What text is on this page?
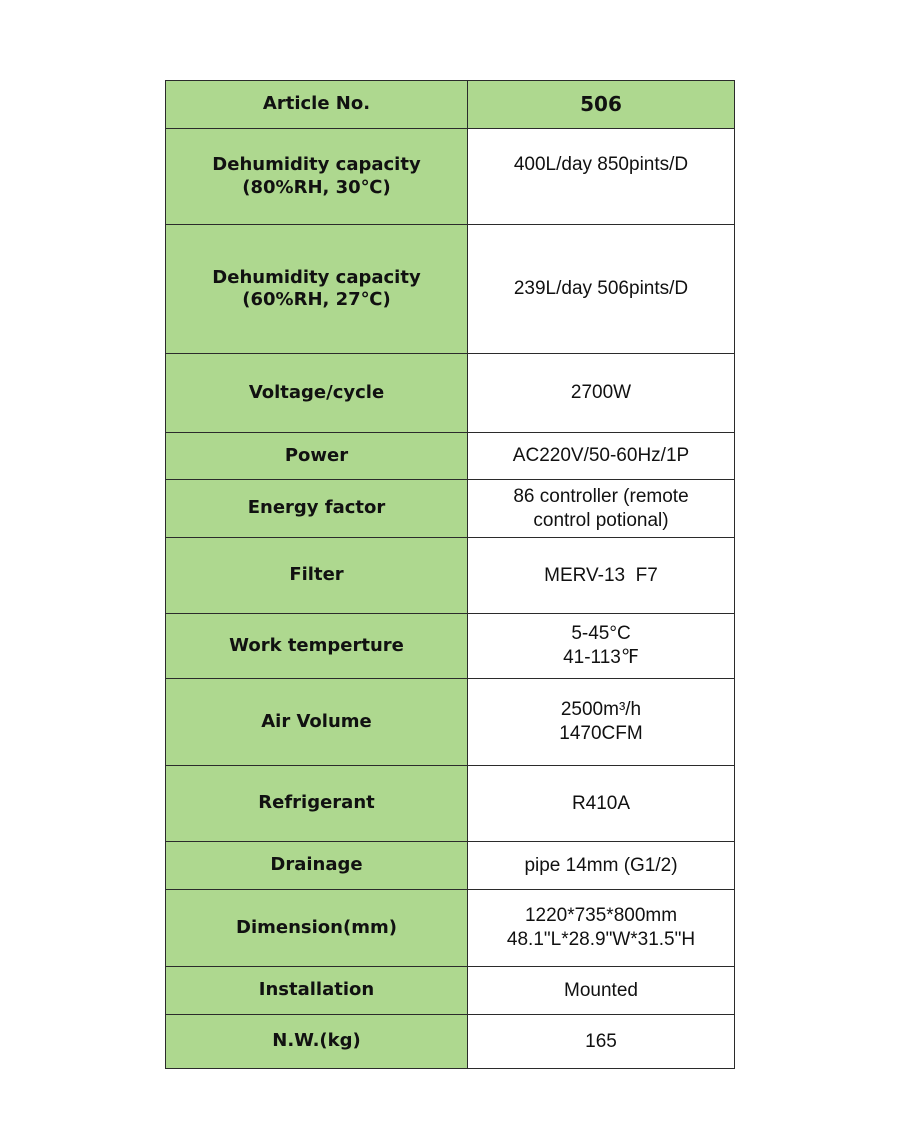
Article No.	506

Dehumidity capacity
(80%RH, 30℃)	400L/day 850pints/D

Dehumidity capacity
(60%RH, 27℃)	239L/day 506pints/D

Voltage/cycle	2700W
Power	AC220V/50-60Hz/1P
Energy factor	86 controller (remote
control potional)

Filter	MERV-13  F7
Work temperture	5-45°C
41-113℉

Air Volume	2500m³/h
1470CFM

Refrigerant	R410A
Drainage	pipe 14mm (G1/2)
Dimension(mm)	1220*735*800mm
48.1"L*28.9"W*31.5"H

Installation	Mounted
N.W.(kg)	165
